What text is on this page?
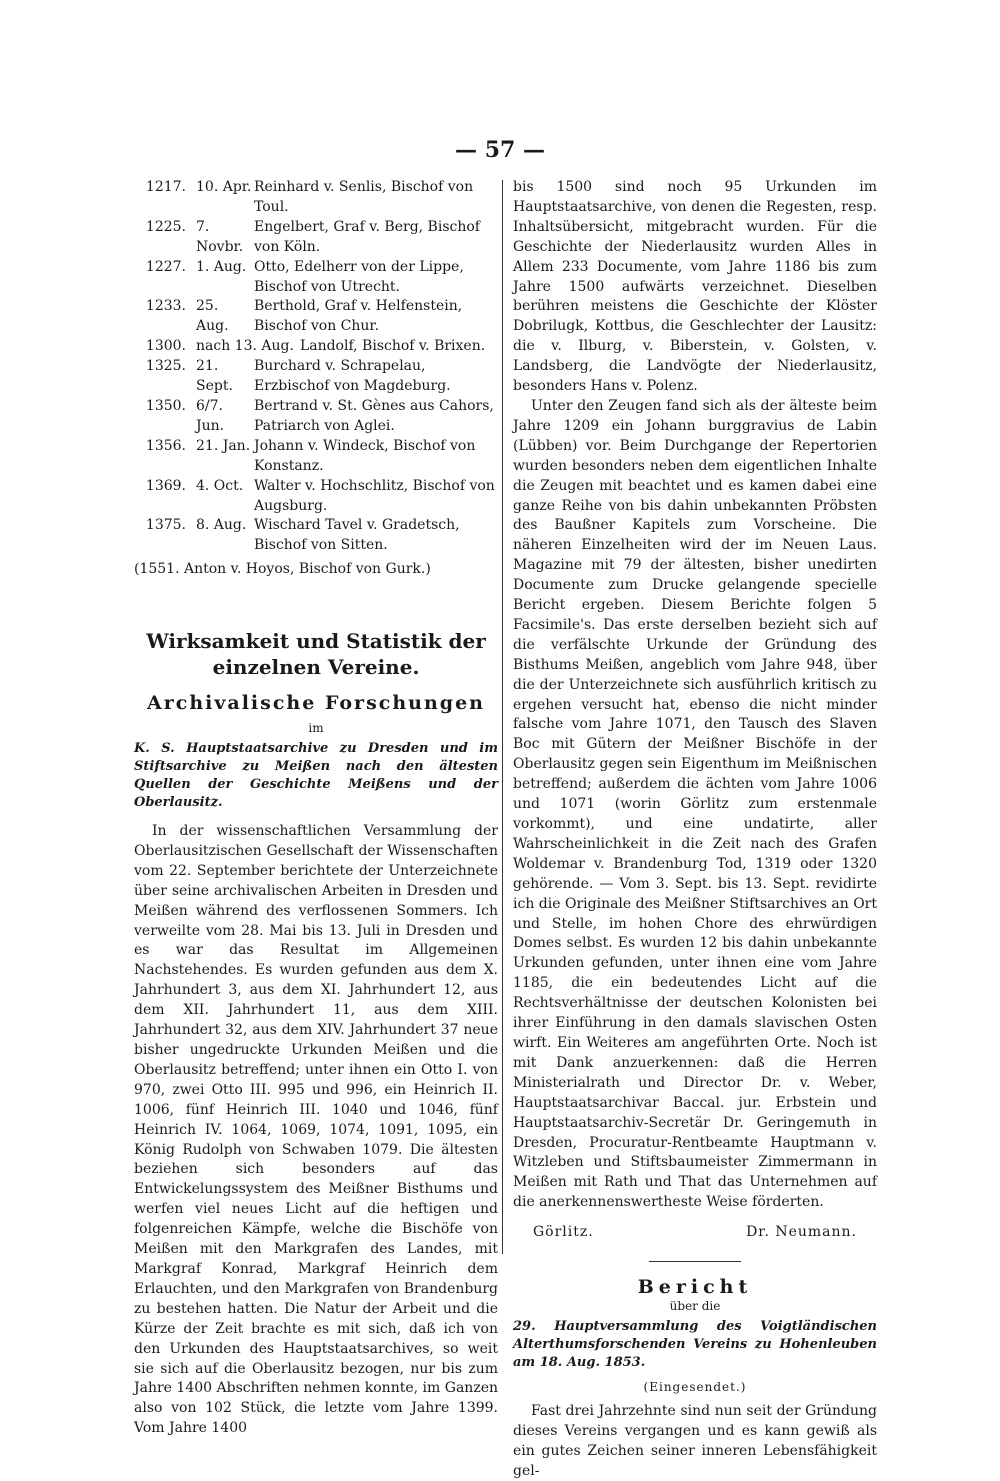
— 57 —
1217. 10. Apr. Reinhard v. Senlis, Bischof von Toul.
1225. 7. Novbr.
Engelbert, Graf v. Berg, Bischof von Köln.
1227. 1. Aug. Otto, Edelherr von der Lippe, Bischof von Utrecht.
1233. 25. Aug.
Berthold, Graf v. Helfenstein, Bischof von Chur.
1300. nach 13. Aug. Landolf, Bischof v. Brixen.
1325. 21. Sept.
Burchard v. Schrapelau, Erzbischof von Magdeburg.
1350. 6/7. Jun.
Bertrand v. St. Gènes aus Cahors, Patriarch von Aglei.
1356. 21. Jan. Johann v. Windeck, Bischof von Konstanz.
1369. 4. Oct. Walter v. Hochschlitz, Bischof von Augsburg.
1375. 8. Aug. Wischard Tavel v. Gradetsch, Bischof von Sitten.
(1551. Anton v. Hoyos, Bischof von Gurk.)
Wirksamkeit und Statistik der einzelnen Vereine.
Archivalische Forschungen

im

K. S. Hauptstaatsarchive zu Dresden und im Stiftsarchive zu Meißen nach den ältesten Quellen der Geschichte Meißens und der Oberlausitz.

In der wissenschaftlichen Versammlung der Oberlausitzischen Gesellschaft der Wissenschaften vom 22. September berichtete der Unterzeichnete über seine archivalischen Arbeiten in Dresden und Meißen während des verflossenen Sommers. Ich verweilte vom 28. Mai bis 13. Juli in Dresden und es war das Resultat im Allgemeinen Nachstehendes. Es wurden gefunden aus dem X. Jahrhundert 3, aus dem XI. Jahrhundert 12, aus dem XII. Jahrhundert 11, aus dem XIII. Jahrhundert 32, aus dem XIV. Jahrhundert 37 neue bisher ungedruckte Urkunden Meißen und die Oberlausitz betreffend; unter ihnen ein Otto I. von 970, zwei Otto III. 995 und 996, ein Heinrich II. 1006, fünf Heinrich III. 1040 und 1046, fünf Heinrich IV. 1064, 1069, 1074, 1091, 1095, ein König Rudolph von Schwaben 1079. Die ältesten beziehen sich besonders auf das Entwickelungssystem des Meißner Bisthums und werfen viel neues Licht auf die heftigen und folgenreichen Kämpfe, welche die Bischöfe von Meißen mit den Markgrafen des Landes, mit Markgraf Konrad, Markgraf Heinrich dem Erlauchten, und den Markgrafen von Brandenburg zu bestehen hatten. Die Natur der Arbeit und die Kürze der Zeit brachte es mit sich, daß ich von den Urkunden des Hauptstaatsarchives, so weit sie sich auf die Oberlausitz bezogen, nur bis zum Jahre 1400 Abschriften nehmen konnte, im Ganzen also von 102 Stück, die letzte vom Jahre 1399. Vom Jahre 1400

bis 1500 sind noch 95 Urkunden im Hauptstaatsarchive, von denen die Regesten, resp. Inhaltsübersicht, mitgebracht wurden. Für die Geschichte der Niederlausitz wurden Alles in Allem 233 Documente, vom Jahre 1186 bis zum Jahre 1500 aufwärts verzeichnet. Dieselben berühren meistens die Geschichte der Klöster Dobrilugk, Kottbus, die Geschlechter der Lausitz: die v. Ilburg, v. Biberstein, v. Golsten, v. Landsberg, die Landvögte der Niederlausitz, besonders Hans v. Polenz.

Unter den Zeugen fand sich als der älteste beim Jahre 1209 ein Johann burggravius de Labin (Lübben) vor. Beim Durchgange der Repertorien wurden besonders neben dem eigentlichen Inhalte die Zeugen mit beachtet und es kamen dabei eine ganze Reihe von bis dahin unbekannten Pröbsten des Baußner Kapitels zum Vorscheine. Die näheren Einzelheiten wird der im Neuen Laus. Magazine mit 79 der ältesten, bisher unedirten Documente zum Drucke gelangende specielle Bericht ergeben. Diesem Berichte folgen 5 Facsimile's. Das erste derselben bezieht sich auf die verfälschte Urkunde der Gründung des Bisthums Meißen, angeblich vom Jahre 948, über die der Unterzeichnete sich ausführlich kritisch zu ergehen versucht hat, ebenso die nicht minder falsche vom Jahre 1071, den Tausch des Slaven Boc mit Gütern der Meißner Bischöfe in der Oberlausitz gegen sein Eigenthum im Meißnischen betreffend; außerdem die ächten vom Jahre 1006 und 1071 (worin Görlitz zum erstenmale vorkommt), und eine undatirte, aller Wahrscheinlichkeit in die Zeit nach des Grafen Woldemar v. Brandenburg Tod, 1319 oder 1320 gehörende. — Vom 3. Sept. bis 13. Sept. revidirte ich die Originale des Meißner Stiftsarchives an Ort und Stelle, im hohen Chore des ehrwürdigen Domes selbst. Es wurden 12 bis dahin unbekannte Urkunden gefunden, unter ihnen eine vom Jahre 1185, die ein bedeutendes Licht auf die Rechtsverhältnisse der deutschen Kolonisten bei ihrer Einführung in den damals slavischen Osten wirft. Ein Weiteres am angeführten Orte. Noch ist mit Dank anzuerkennen: daß die Herren Ministerialrath und Director Dr. v. Weber, Hauptstaatsarchivar Baccal. jur. Erbstein und Hauptstaatsarchiv-Secretär Dr. Geringemuth in Dresden, Procuratur-Rentbeamte Hauptmann v. Witzleben und Stiftsbaumeister Zimmermann in Meißen mit Rath und That das Unternehmen auf die anerkennenswertheste Weise förderten.

Görlitz.	Dr. Neumann.
Bericht

über die

29. Hauptversammlung des Voigtländischen Alterthumsforschenden Vereins zu Hohenleuben am 18. Aug. 1853.

(Eingesendet.)

Fast drei Jahrzehnte sind nun seit der Gründung dieses Vereins vergangen und es kann gewiß als ein gutes Zeichen seiner inneren Lebensfähigkeit gel-
